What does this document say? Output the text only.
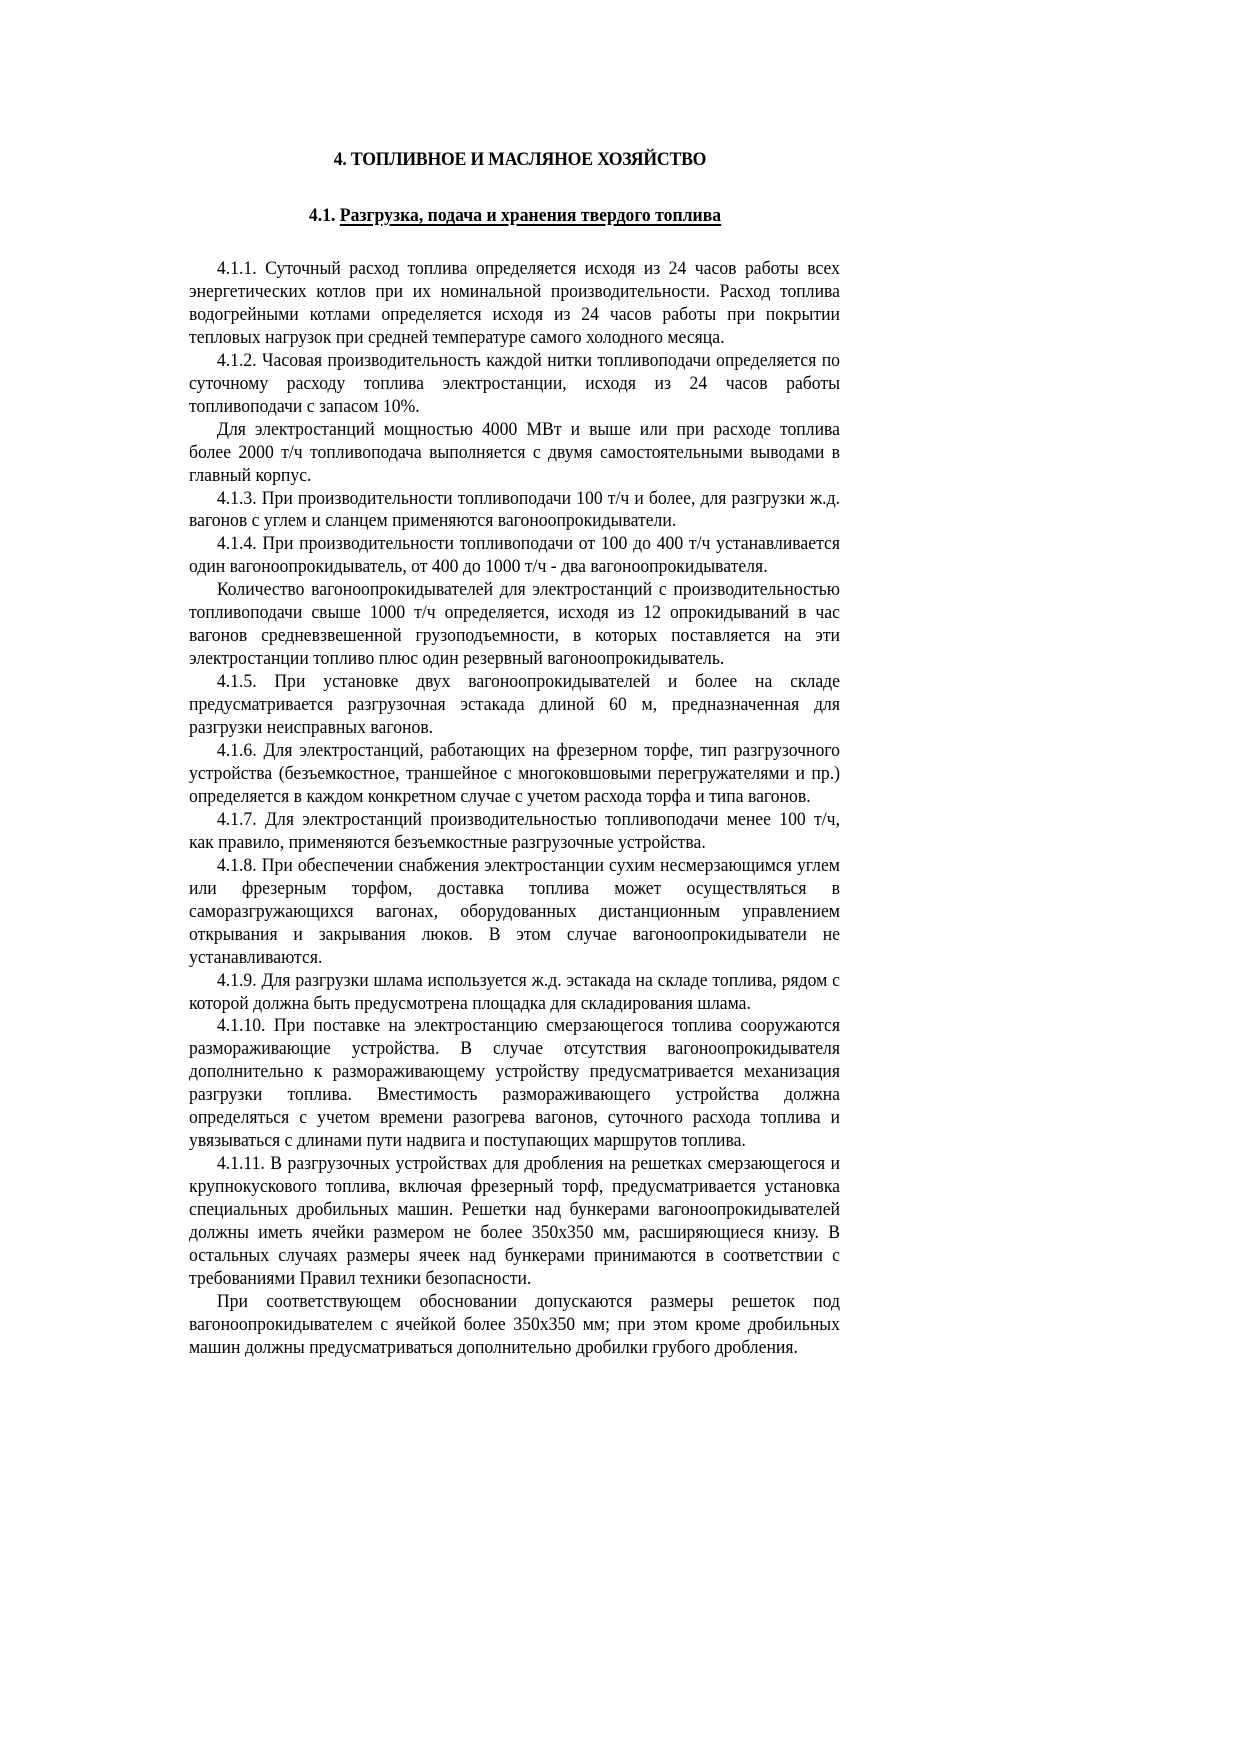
4. ТОПЛИВНОЕ И МАСЛЯНОЕ ХОЗЯЙСТВО
4.1. Разгрузка, подача и хранения твердого топлива

4.1.1. Суточный расход топлива определяется исходя из 24 часов работы всех энергетических котлов при их номинальной производительности. Расход топлива водогрейными котлами определяется исходя из 24 часов работы при покрытии тепловых нагрузок при средней температуре самого холодного месяца.

4.1.2. Часовая производительность каждой нитки топливоподачи определяется по суточному расходу топлива электростанции, исходя из 24 часов работы топливоподачи с запасом 10%.

Для электростанций мощностью 4000 МВт и выше или при расходе топлива более 2000 т/ч топливоподача выполняется с двумя самостоятельными выводами в главный корпус.

4.1.3. При производительности топливоподачи 100 т/ч и более, для разгрузки ж.д. вагонов с углем и сланцем применяются вагоноопрокидыватели.

4.1.4. При производительности топливоподачи от 100 до 400 т/ч устанавливается один вагоноопрокидыватель, от 400 до 1000 т/ч - два вагоноопрокидывателя.

Количество вагоноопрокидывателей для электростанций с производительностью топливоподачи свыше 1000 т/ч определяется, исходя из 12 опрокидываний в час вагонов средневзвешенной грузоподъемности, в которых поставляется на эти электростанции топливо плюс один резервный вагоноопрокидыватель.

4.1.5. При установке двух вагоноопрокидывателей и более на складе предусматривается разгрузочная эстакада длиной 60 м, предназначенная для разгрузки неисправных вагонов.

4.1.6. Для электростанций, работающих на фрезерном торфе, тип разгрузочного устройства (безъемкостное, траншейное с многоковшовыми перегружателями и пр.) определяется в каждом конкретном случае с учетом расхода торфа и типа вагонов.

4.1.7. Для электростанций производительностью топливоподачи менее 100 т/ч, как правило, применяются безъемкостные разгрузочные устройства.

4.1.8. При обеспечении снабжения электростанции сухим несмерзающимся углем или фрезерным торфом, доставка топлива может осуществляться в саморазгружающихся вагонах, оборудованных дистанционным управлением открывания и закрывания люков. В этом случае вагоноопрокидыватели не устанавливаются.

4.1.9. Для разгрузки шлама используется ж.д. эстакада на складе топлива, рядом с которой должна быть предусмотрена площадка для складирования шлама.

4.1.10. При поставке на электростанцию смерзающегося топлива сооружаются размораживающие устройства. В случае отсутствия вагоноопрокидывателя дополнительно к размораживающему устройству предусматривается механизация разгрузки топлива. Вместимость размораживающего устройства должна определяться с учетом времени разогрева вагонов, суточного расхода топлива и увязываться с длинами пути надвига и поступающих маршрутов топлива.

4.1.11. В разгрузочных устройствах для дробления на решетках смерзающегося и крупнокускового топлива, включая фрезерный торф, предусматривается установка специальных дробильных машин. Решетки над бункерами вагоноопрокидывателей должны иметь ячейки размером не более 350x350 мм, расширяющиеся книзу. В остальных случаях размеры ячеек над бункерами принимаются в соответствии с требованиями Правил техники безопасности.

При соответствующем обосновании допускаются размеры решеток под вагоноопрокидывателем с ячейкой более 350x350 мм; при этом кроме дробильных машин должны предусматриваться дополнительно дробилки грубого дробления.
